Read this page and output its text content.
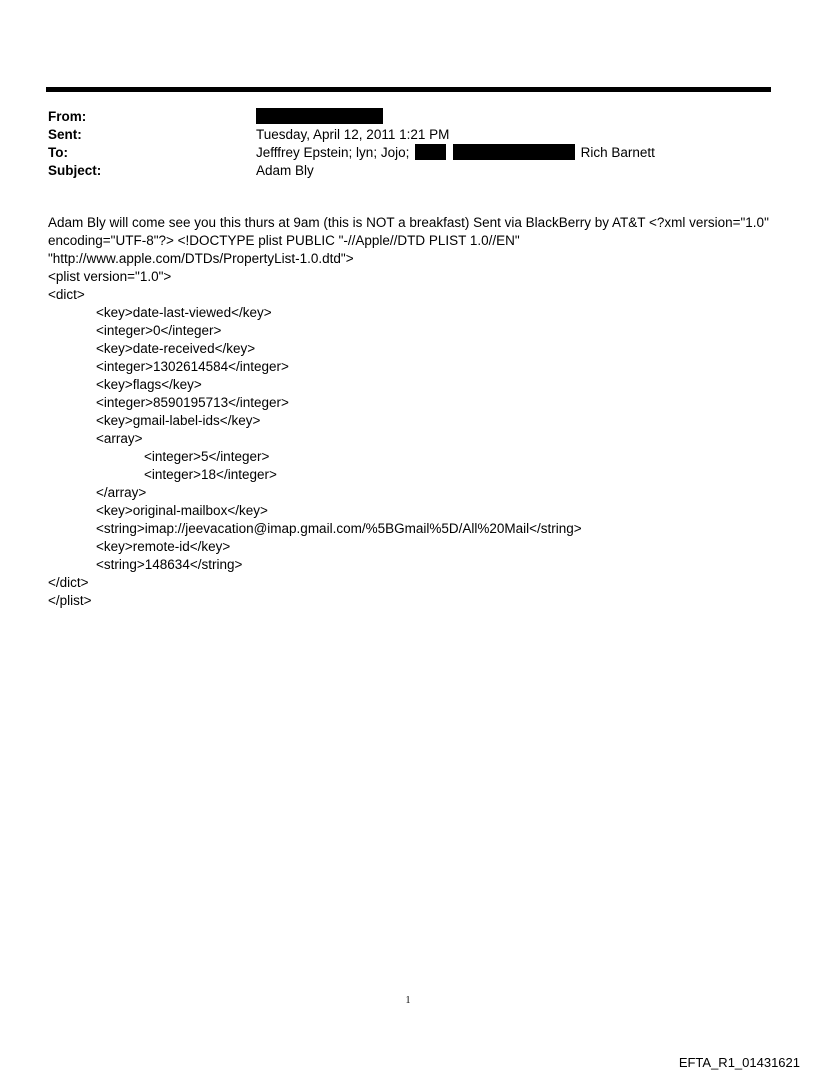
From:
Sent:	Tuesday, April 12, 2011 1:21 PM
To:	Jefffrey Epstein; lyn; Jojo;	Rich Barnett
Subject:	Adam Bly
Adam Bly will come see you this thurs at 9am (this is NOT a breakfast) Sent via BlackBerry by AT&T <?xml version="1.0"
encoding="UTF-8"?> <!DOCTYPE plist PUBLIC "-//Apple//DTD PLIST 1.0//EN"
"http://www.apple.com/DTDs/PropertyList-1.0.dtd">
<plist version="1.0">
<dict>
<key>date-last-viewed</key>
<integer>0</integer>
<key>date-received</key>
<integer>1302614584</integer>
<key>flags</key>
<integer>8590195713</integer>
<key>gmail-label-ids</key>
<array>
<integer>5</integer>
<integer>18</integer>
</array>
<key>original-mailbox</key>
<string>imap://jeevacation@imap.gmail.com/%5BGmail%5D/All%20Mail</string>
<key>remote-id</key>
<string>148634</string>
</dict>
</plist>
1
EFTA_R1_01431621
